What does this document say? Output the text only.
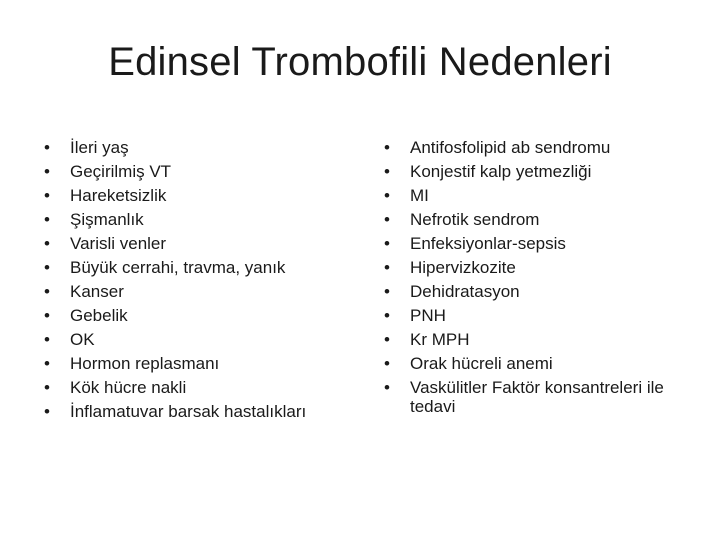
Edinsel Trombofili Nedenleri
• İleri yaş
• Geçirilmiş VT
• Hareketsizlik
• Şişmanlık
• Varisli venler
• Büyük cerrahi, travma, yanık
• Kanser
• Gebelik
• OK
• Hormon replasmanı
• Kök hücre nakli
• İnflamatuvar barsak hastalıkları
• Antifosfolipid ab sendromu
• Konjestif kalp yetmezliği
• MI
• Nefrotik sendrom
• Enfeksiyonlar-sepsis
• Hipervizkozite
• Dehidratasyon
• PNH
• Kr MPH
• Orak hücreli anemi
• Vaskülitler Faktör konsantreleri ile tedavi
